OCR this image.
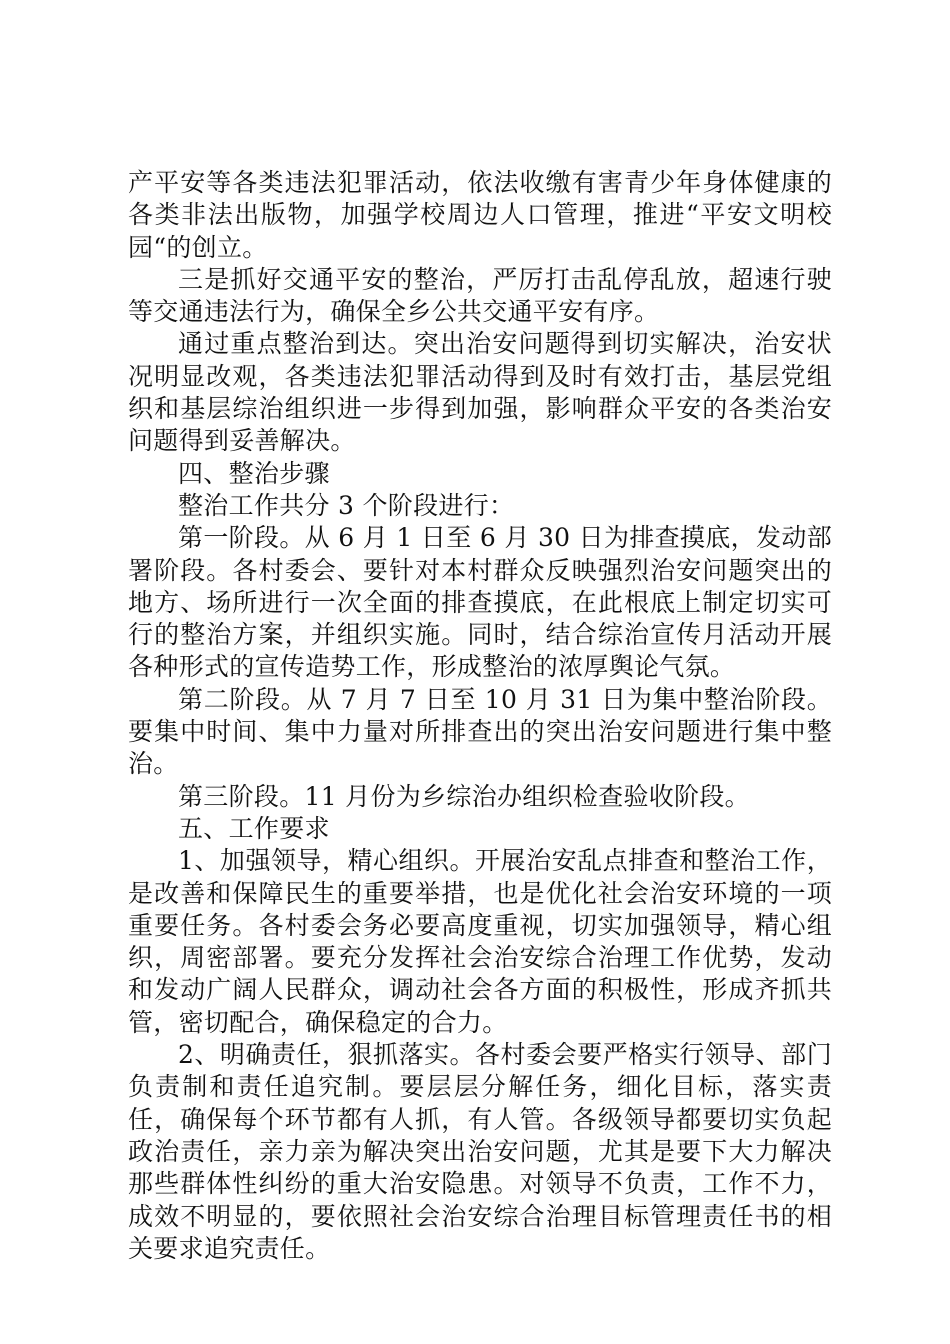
产平安等各类违法犯罪活动，依法收缴有害青少年身体健康的各类非法出版物，加强学校周边人口管理，推进“平安文明校园“的创立。

三是抓好交通平安的整治，严厉打击乱停乱放，超速行驶等交通违法行为，确保全乡公共交通平安有序。

通过重点整治到达。突出治安问题得到切实解决，治安状况明显改观，各类违法犯罪活动得到及时有效打击，基层党组织和基层综治组织进一步得到加强，影响群众平安的各类治安问题得到妥善解决。

四、整治步骤

整治工作共分 3 个阶段进行：

第一阶段。从 6 月 1 日至 6 月 30 日为排查摸底，发动部署阶段。各村委会、要针对本村群众反映强烈治安问题突出的地方、场所进行一次全面的排查摸底，在此根底上制定切实可行的整治方案，并组织实施。同时，结合综治宣传月活动开展各种形式的宣传造势工作，形成整治的浓厚舆论气氛。

第二阶段。从 7 月 7 日至 10 月 31 日为集中整治阶段。要集中时间、集中力量对所排查出的突出治安问题进行集中整治。

第三阶段。11 月份为乡综治办组织检查验收阶段。

五、工作要求

1、加强领导，精心组织。开展治安乱点排查和整治工作，是改善和保障民生的重要举措，也是优化社会治安环境的一项重要任务。各村委会务必要高度重视，切实加强领导，精心组织，周密部署。要充分发挥社会治安综合治理工作优势，发动和发动广阔人民群众，调动社会各方面的积极性，形成齐抓共管，密切配合，确保稳定的合力。

2、明确责任，狠抓落实。各村委会要严格实行领导、部门负责制和责任追究制。要层层分解任务，细化目标，落实责任，确保每个环节都有人抓，有人管。各级领导都要切实负起政治责任，亲力亲为解决突出治安问题，尤其是要下大力解决那些群体性纠纷的重大治安隐患。对领导不负责，工作不力，成效不明显的，要依照社会治安综合治理目标管理责任书的相关要求追究责任。
